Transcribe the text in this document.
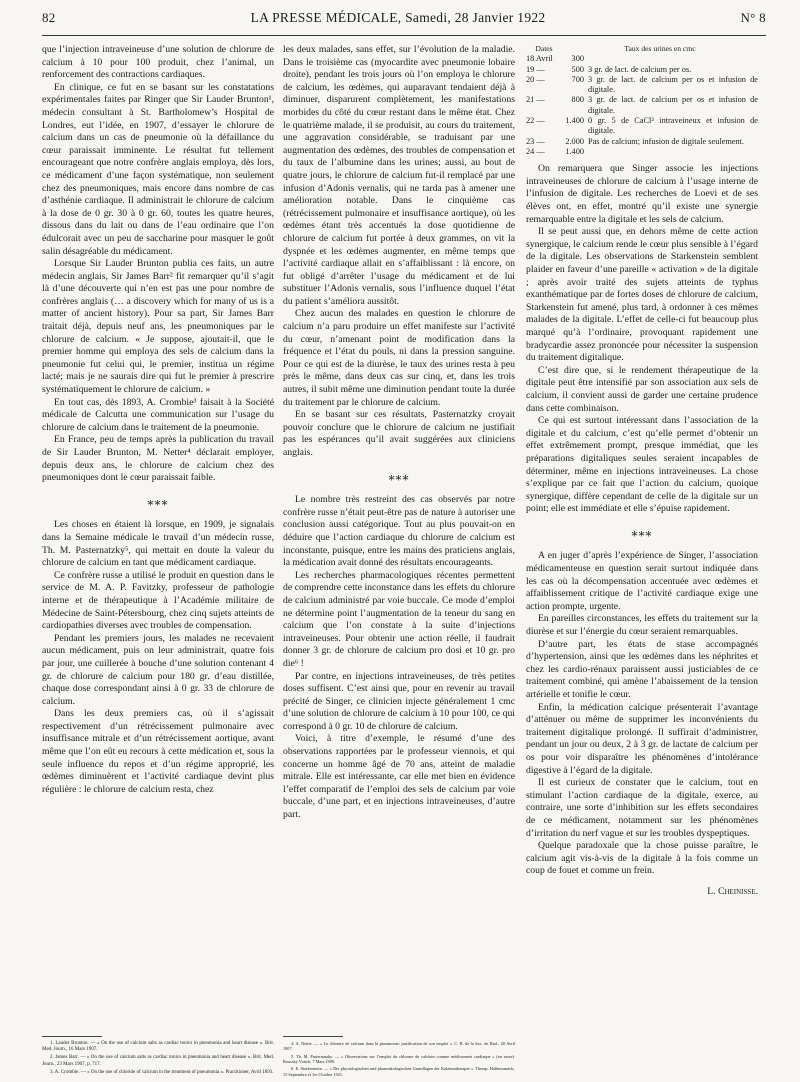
82	LA PRESSE MÉDICALE, Samedi, 28 Janvier 1922	N° 8

que l’injection intraveineuse d’une solution de chlorure de calcium à 10 pour 100 produit, chez l’animal, un renforcement des contractions cardiaques.

En clinique, ce fut en se basant sur les constatations expérimentales faites par Ringer que Sir Lauder Brunton¹, médecin consultant à St. Bartholomew’s Hospital de Londres, eut l’idée, en 1907, d’essayer le chlorure de calcium dans un cas de pneumonie où la défaillance du cœur paraissait imminente. Le résultat fut tellement encourageant que notre confrère anglais employa, dès lors, ce médicament d’une façon systématique, non seulement chez des pneumoniques, mais encore dans nombre de cas d’asthénie cardiaque. Il administrait le chlorure de calcium à la dose de 0 gr. 30 à 0 gr. 60, toutes les quatre heures, dissous dans du lait ou dans de l’eau ordinaire que l’on édulcorait avec un peu de saccharine pour masquer le goût salin désagréable du médicament.

Lorsque Sir Lauder Brunton publia ces faits, un autre médecin anglais, Sir James Barr² fit remarquer qu’il s’agit là d’une découverte qui n’en est pas une pour nombre de confrères anglais (… a discovery which for many of us is a matter of ancient history). Pour sa part, Sir James Barr traitait déjà, depuis neuf ans, les pneumoniques par le chlorure de calcium. « Je suppose, ajoutait-il, que le premier homme qui employa des sels de calcium dans la pneumonie fut celui qui, le premier, institua un régime lacté; mais je ne saurais dire qui fut le premier à prescrire systématiquement le chlorure de calcium. »

En tout cas, dès 1893, A. Crombie³ faisait à la Société médicale de Calcutta une communication sur l’usage du chlorure de calcium dans le traitement de la pneumonie.

En France, peu de temps après la publication du travail de Sir Lauder Brunton, M. Netter⁴ déclarait employer, depuis deux ans, le chlorure de calcium chez des pneumoniques dont le cœur paraissait faible.

⁎⁎⁎

Les choses en étaient là lorsque, en 1909, je signalais dans la Semaine médicale le travail d’un médecin russe, Th. M. Pasternatzky⁵, qui mettait en doute la valeur du chlorure de calcium en tant que médicament cardiaque.

Ce confrère russe a utilisé le produit en question dans le service de M. A. P. Favitzky, professeur de pathologie interne et de thérapeutique à l’Académie militaire de Médecine de Saint-Pétersbourg, chez cinq sujets atteints de cardiopathies diverses avec troubles de compensation.

Pendant les premiers jours, les malades ne recevaient aucun médicament, puis on leur administrait, quatre fois par jour, une cuillerée à bouche d’une solution contenant 4 gr. de chlorure de calcium pour 180 gr. d’eau distillée, chaque dose correspondant ainsi à 0 gr. 33 de chlorure de calcium.

Dans les deux premiers cas, où il s’agissait respectivement d’un rétrécissement pulmonaire avec insuffisance mitrale et d’un rétrécissement aortique, avant même que l’on eût eu recours à cette médication et, sous la seule influence du repos et d’un régime approprié, les œdèmes diminuèrent et l’activité cardiaque devint plus régulière : le chlorure de calcium resta, chez

les deux malades, sans effet, sur l’évolution de la maladie. Dans le troisième cas (myocardite avec pneumonie lobaire droite), pendant les trois jours où l’on employa le chlorure de calcium, les œdèmes, qui auparavant tendaient déjà à diminuer, disparurent complètement, les manifestations morbides du côté du cœur restant dans le même état. Chez le quatrième malade, il se produisit, au cours du traitement, une aggravation considérable, se traduisant par une augmentation des œdèmes, des troubles de compensation et du taux de l’albumine dans les urines; aussi, au bout de quatre jours, le chlorure de calcium fut-il remplacé par une infusion d’Adonis vernalis, qui ne tarda pas à amener une amélioration notable. Dans le cinquième cas (rétrécissement pulmonaire et insuffisance aortique), où les œdèmes étant très accentués la dose quotidienne de chlorure de calcium fut portée à deux grammes, on vit la dyspnée et les œdèmes augmenter, en même temps que l’activité cardiaque allait en s’affaiblissant : là encore, on fut obligé d’arrêter l’usage du médicament et de lui substituer l’Adonis vernalis, sous l’influence duquel l’état du patient s’améliora aussitôt.

Chez aucun des malades en question le chlorure de calcium n’a paru produire un effet manifeste sur l’activité du cœur, n’amenant point de modification dans la fréquence et l’état du pouls, ni dans la pression sanguine. Pour ce qui est de la diurèse, le taux des urines resta à peu près le même, dans deux cas sur cinq, et, dans les trois autres, il subit même une diminution pendant toute la durée du traitement par le chlorure de calcium.

En se basant sur ces résultats, Pasternatzky croyait pouvoir conclure que le chlorure de calcium ne justifiait pas les espérances qu’il avait suggérées aux cliniciens anglais.

⁎⁎⁎

Le nombre très restreint des cas observés par notre confrère russe n’était peut-être pas de nature à autoriser une conclusion aussi catégorique. Tout au plus pouvait-on en déduire que l’action cardiaque du chlorure de calcium est inconstante, puisque, entre les mains des praticiens anglais, la médication avait donné des résultats encourageants.

Les recherches pharmacologiques récentes permettent de comprendre cette inconstance dans les effets du chlorure de calcium administré par voie buccale. Ce mode d’emploi ne détermine point l’augmentation de la teneur du sang en calcium que l’on constate à la suite d’injections intraveineuses. Pour obtenir une action réelle, il faudrait donner 3 gr. de chlorure de calcium pro dosi et 10 gr. pro die⁶ !

Par contre, en injections intraveineuses, de très petites doses suffisent. C’est ainsi que, pour en revenir au travail précité de Singer, ce clinicien injecte généralement 1 cmc d’une solution de chlorure de calcium à 10 pour 100, ce qui correspond à 0 gr. 10 de chlorure de calcium.

Voici, à titre d’exemple, le résumé d’une des observations rapportées par le professeur viennois, et qui concerne un homme âgé de 70 ans, atteint de maladie mitrale. Elle est intéressante, car elle met bien en évidence l’effet comparatif de l’emploi des sels de calcium par voie buccale, d’une part, et en injections intraveineuses, d’autre part.

Dates	Taux des urines en cmc	
18 Avril	300	
19 —	500	3 gr. de lact. de calcium per os.
20 —	700	3 gr. de lact. de calcium per os et infusion de digitale.
21 —	800	3 gr. de lact. de calcium per os et infusion de digitale.
22 —	1.400	0 gr. 5 de CaCl² intraveineux et infusion de digitale.
23 —	2.000	Pas de calcium; infusion de digitale seulement.
24 —	1.400	

On remarquera que Singer associe les injections intraveineuses de chlorure de calcium à l’usage interne de l’infusion de digitale. Les recherches de Loevi et de ses élèves ont, en effet, montré qu’il existe une synergie remarquable entre la digitale et les sels de calcium.

Il se peut aussi que, en dehors même de cette action synergique, le calcium rende le cœur plus sensible à l’égard de la digitale. Les observations de Starkenstein semblent plaider en faveur d’une pareille « activation » de la digitale ; après avoir traité des sujets atteints de typhus exanthématique par de fortes doses de chlorure de calcium, Starkenstein fut amené, plus tard, à ordonner à ces mêmes malades de la digitale. L’effet de celle-ci fut beaucoup plus marqué qu’à l’ordinaire, provoquant rapidement une bradycardie assez prononcée pour nécessiter la suspension du traitement digitalique.

C’est dire que, si le rendement thérapeutique de la digitale peut être intensifié par son association aux sels de calcium, il convient aussi de garder une certaine prudence dans cette combinaison.

Ce qui est surtout intéressant dans l’association de la digitale et du calcium, c’est qu’elle permet d’obtenir un effet extrêmement prompt, presque immédiat, que les préparations digitaliques seules seraient incapables de déterminer, même en injections intraveineuses. La chose s’explique par ce fait que l’action du calcium, quoique synergique, diffère cependant de celle de la digitale sur un point; elle est immédiate et elle s’épuise rapidement.

⁎⁎⁎

A en juger d’après l’expérience de Singer, l’association médicamenteuse en question serait surtout indiquée dans les cas où la décompensation accentuée avec œdèmes et affaiblissement critique de l’activité cardiaque exige une action prompte, urgente.

En pareilles circonstances, les effets du traitement sur la diurèse et sur l’énergie du cœur seraient remarquables.

D’autre part, les états de stase accompagnés d’hypertension, ainsi que les œdèmes dans les néphrites et chez les cardio-rénaux paraissent aussi justiciables de ce traitement combiné, qui amène l’abaissement de la tension artérielle et tonifie le cœur.

Enfin, la médication calcique présenterait l’avantage d’atténuer ou même de supprimer les inconvénients du traitement digitalique prolongé. Il suffirait d’administrer, pendant un jour ou deux, 2 à 3 gr. de lactate de calcium per os pour voir disparaître les phénomènes d’intolérance digestive à l’égard de la digitale.

Il est curieux de constater que le calcium, tout en stimulant l’action cardiaque de la digitale, exerce, au contraire, une sorte d’inhibition sur les effets secondaires de ce médicament, notamment sur les phénomènes d’irritation du nerf vague et sur les troubles dyspeptiques.

Quelque paradoxale que la chose puisse paraître, le calcium agit vis-à-vis de la digitale à la fois comme un coup de fouet et comme un frein.

L. Cheinisse.

1. Lauder Brunton. — « On the use of calcium salts as cardiac tonics in pneumonia and heart disease ». Brit. Med. Journ., 16 Mars 1907.

2. James Barr. — « On the use of calcium salts as cardiac tonics in pneumonia and heart disease ». Brit. Med. Journ., 23 Mars 1907, p. 717.

3. A. Crombie. — « On the use of chloride of calcium in the treatment of pneumonia ». Practitioner, Avril 1893.

4. A. Netter. — « Le chlorure de calcium dans la pneumonie; justification de son emploi ». C. R. de la Soc. de Biol., 20 Avril 1907.

5. Th. M. Pasternatzky. — « Observations sur l’emploi du chlorure de calcium comme médicament cardiaque » (en russe). Roussky Vratch, 7 Mars 1909.

6. E. Starkenstein. — « Die physiologischen und pharmakologischen Grundlagen der Kalziumtherapie ». Therap. Halbmonatsh., 15 Septembre et 1er Octobre 1921.
